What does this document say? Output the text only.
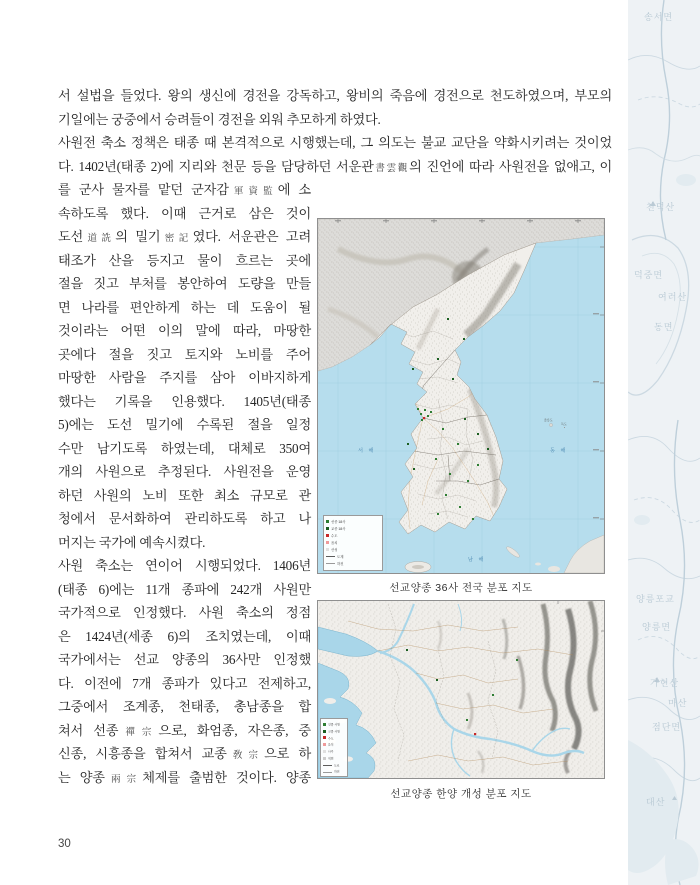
서 설법을 들었다. 왕의 생신에 경전을 강독하고, 왕비의 죽음에 경전으로 천도하였으며, 부모의
기일에는 궁중에서 승려들이 경전을 외워 추모하게 하였다.
사원전 축소 정책은 태종 때 본격적으로 시행했는데, 그 의도는 불교 교단을 약화시키려는 것이었
다. 1402년(태종 2)에 지리와 천문 등을 담당하던 서운관書雲觀의 진언에 따라 사원전을 없애고, 이
를 군사 물자를 맡던 군자감軍資監에 소
속하도록 했다. 이때 근거로 삼은 것이
도선道詵의 밀기密記였다. 서운관은 고려
태조가 산을 등지고 물이 흐르는 곳에
절을 짓고 부처를 봉안하여 도량을 만들
면 나라를 편안하게 하는 데 도움이 될
것이라는 어떤 이의 말에 따라, 마땅한
곳에다 절을 짓고 토지와 노비를 주어
마땅한 사람을 주지를 삼아 이바지하게
했다는 기록을 인용했다. 1405년(태종
5)에는 도선 밀기에 수록된 절을 일정
수만 남기도록 하였는데, 대체로 350여
개의 사원으로 추정된다. 사원전을 운영
하던 사원의 노비 또한 최소 규모로 관
청에서 문서화하여 관리하도록 하고 나
머지는 국가에 예속시켰다.
사원 축소는 연이어 시행되었다. 1406년
(태종 6)에는 11개 종파에 242개 사원만
국가적으로 인정했다. 사원 축소의 정점
은 1424년(세종 6)의 조치였는데, 이때
국가에서는 선교 양종의 36사만 인정했
다. 이전에 7개 종파가 있다고 전제하고,
그중에서 조계종, 천태종, 총남종을 합
쳐서 선종禪宗으로, 화엄종, 자은종, 중
신종, 시흥종을 합쳐서 교종敎宗으로 하
는 양종兩宗체제를 출범한 것이다. 양종
서 해	동 해
남 해
울릉도
독도
선종 18사
교종 18사
수도
읍치
산성
도계
하천
선교양종 36사 전국 분포 지도
선종 사원
교종 사원
수도
읍치
나루
역원
도로
하천
선교양종 한양 개성 분포 지도
송서면
동면
천덕산
덕중면
여러산
양릉포교
양릉면
가현산
마산
점단면
대산
30
